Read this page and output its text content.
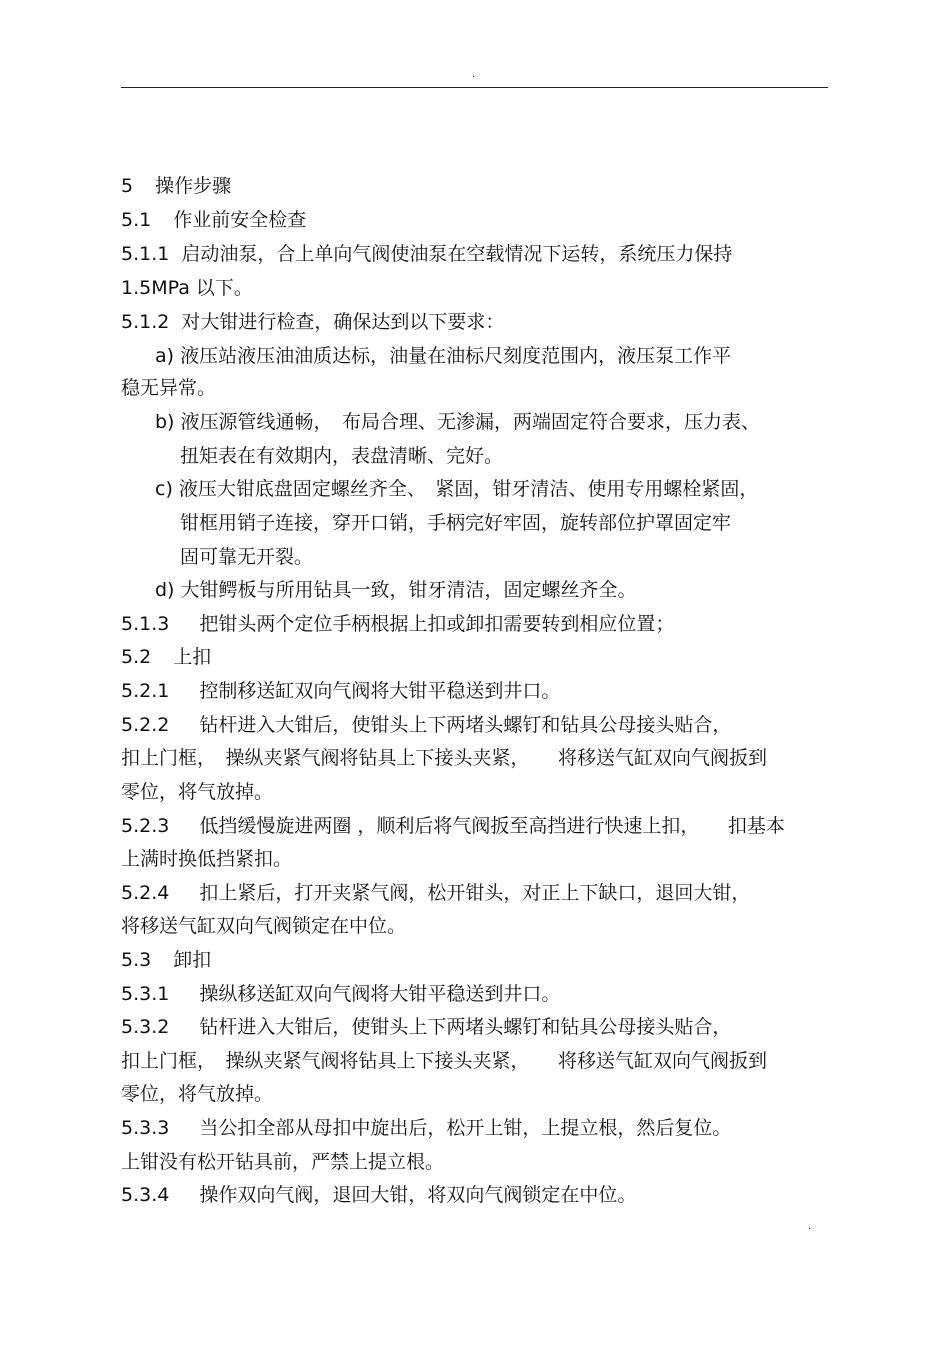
.
5 操作步骤
5.1 作业前安全检查
5.1.1 启动油泵，合上单向气阀使油泵在空载情况下运转，系统压力保持
1.5MPa 以下。
5.1.2 对大钳进行检查，确保达到以下要求：
a) 液压站液压油油质达标，油量在油标尺刻度范围内，液压泵工作平
稳无异常。
b) 液压源管线通畅，　布局合理、无渗漏，两端固定符合要求，压力表、
扭矩表在有效期内，表盘清晰、完好。
c) 液压大钳底盘固定螺丝齐全、　紧固，钳牙清洁、使用专用螺栓紧固，
钳框用销子连接，穿开口销，手柄完好牢固，旋转部位护罩固定牢
固可靠无开裂。
d) 大钳鳄板与所用钻具一致，钳牙清洁，固定螺丝齐全。
5.1.3 把钳头两个定位手柄根据上扣或卸扣需要转到相应位置；
5.2 上扣
5.2.1 控制移送缸双向气阀将大钳平稳送到井口。
5.2.2 钻杆进入大钳后，使钳头上下两堵头螺钉和钻具公母接头贴合，
扣上门框，　操纵夹紧气阀将钻具上下接头夹紧，　　将移送气缸双向气阀扳到
零位，将气放掉。
5.2.3 低挡缓慢旋进两圈 ，顺利后将气阀扳至高挡进行快速上扣，　　扣基本
上满时换低挡紧扣。
5.2.4 扣上紧后，打开夹紧气阀，松开钳头，对正上下缺口，退回大钳，
将移送气缸双向气阀锁定在中位。
5.3 卸扣
5.3.1 操纵移送缸双向气阀将大钳平稳送到井口。
5.3.2 钻杆进入大钳后，使钳头上下两堵头螺钉和钻具公母接头贴合，
扣上门框，　操纵夹紧气阀将钻具上下接头夹紧，　　将移送气缸双向气阀扳到
零位，将气放掉。
5.3.3 当公扣全部从母扣中旋出后，松开上钳，上提立根，然后复位。
上钳没有松开钻具前，严禁上提立根。
5.3.4 操作双向气阀，退回大钳，将双向气阀锁定在中位。
.
